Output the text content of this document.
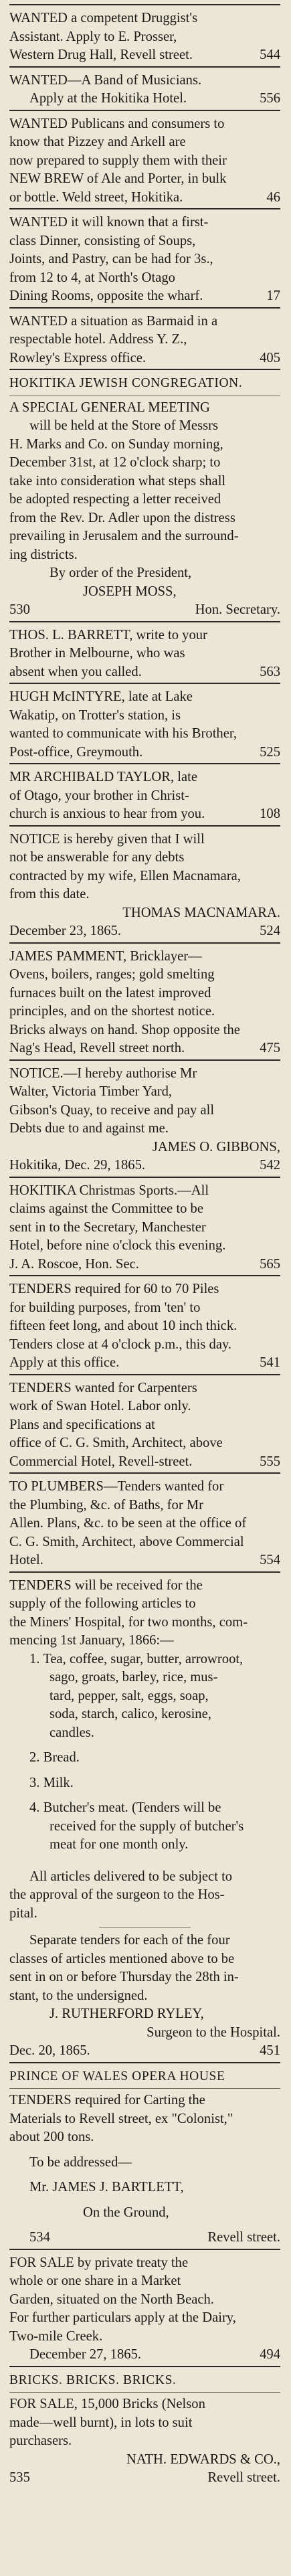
WANTED a competent Druggist's

Assistant. Apply to E. Prosser,

Western Drug Hall, Revell street.	544

WANTED—A Band of Musicians.

Apply at the Hokitika Hotel.	556

WANTED Publicans and consumers to

know that Pizzey and Arkell are

now prepared to supply them with their

NEW BREW of Ale and Porter, in bulk

or bottle. Weld street, Hokitika.	46

WANTED it will known that a first-

class Dinner, consisting of Soups,

Joints, and Pastry, can be had for 3s.,

from 12 to 4, at North's Otago

Dining Rooms, opposite the wharf.	17

WANTED a situation as Barmaid in a

respectable hotel. Address Y. Z.,

Rowley's Express office.	405

HOKITIKA JEWISH CONGREGATION.

A SPECIAL GENERAL MEETING

will be held at the Store of Messrs

H. Marks and Co. on Sunday morning,

December 31st, at 12 o'clock sharp; to

take into consideration what steps shall

be adopted respecting a letter received

from the Rev. Dr. Adler upon the distress

prevailing in Jerusalem and the surround-

ing districts.

By order of the President,

JOSEPH MOSS,

530	Hon. Secretary.

THOS. L. BARRETT, write to your

Brother in Melbourne, who was

absent when you called.	563

HUGH McINTYRE, late at Lake

Wakatip, on Trotter's station, is

wanted to communicate with his Brother,

Post-office, Greymouth.	525

MR ARCHIBALD TAYLOR, late

of Otago, your brother in Christ-

church is anxious to hear from you.	108

NOTICE is hereby given that I will

not be answerable for any debts

contracted by my wife, Ellen Macnamara,

from this date.

THOMAS MACNAMARA.

December 23, 1865.	524

JAMES PAMMENT, Bricklayer—

Ovens, boilers, ranges; gold smelting

furnaces built on the latest improved

principles, and on the shortest notice.

Bricks always on hand. Shop opposite the

Nag's Head, Revell street north.	475

NOTICE.—I hereby authorise Mr

Walter, Victoria Timber Yard,

Gibson's Quay, to receive and pay all

Debts due to and against me.

JAMES O. GIBBONS,

Hokitika, Dec. 29, 1865.	542

HOKITIKA Christmas Sports.—All

claims against the Committee to be

sent in to the Secretary, Manchester

Hotel, before nine o'clock this evening.

J. A. Roscoe, Hon. Sec.	565

TENDERS required for 60 to 70 Piles

for building purposes, from 'ten' to

fifteen feet long, and about 10 inch thick.

Tenders close at 4 o'clock p.m., this day.

Apply at this office.	541

TENDERS wanted for Carpenters

work of Swan Hotel. Labor only.

Plans and specifications at

office of C. G. Smith, Architect, above

Commercial Hotel, Revell-street.	555

TO PLUMBERS—Tenders wanted for

the Plumbing, &c. of Baths, for Mr

Allen. Plans, &c. to be seen at the office of

C. G. Smith, Architect, above Commercial

Hotel.	554

TENDERS will be received for the

supply of the following articles to

the Miners' Hospital, for two months, com-

mencing 1st January, 1866:—

1. Tea, coffee, sugar, butter, arrowroot,

sago, groats, barley, rice, mus-

tard, pepper, salt, eggs, soap,

soda, starch, calico, kerosine,

candles.

2. Bread.

3. Milk.

4. Butcher's meat. (Tenders will be

received for the supply of butcher's

meat for one month only.

All articles delivered to be subject to

the approval of the surgeon to the Hos-

pital.

Separate tenders for each of the four

classes of articles mentioned above to be

sent in on or before Thursday the 28th in-

stant, to the undersigned.

J. RUTHERFORD RYLEY,

Surgeon to the Hospital.

Dec. 20, 1865.	451

PRINCE OF WALES OPERA HOUSE

TENDERS required for Carting the

Materials to Revell street, ex "Colonist,"

about 200 tons.

To be addressed—

Mr. JAMES J. BARTLETT,

On the Ground,

534	Revell street.

FOR SALE by private treaty the

whole or one share in a Market

Garden, situated on the North Beach.

For further particulars apply at the Dairy,

Two-mile Creek.

December 27, 1865.	494

BRICKS. BRICKS. BRICKS.

FOR SALE, 15,000 Bricks (Nelson

made—well burnt), in lots to suit

purchasers.

NATH. EDWARDS & CO.,

535	Revell street.
